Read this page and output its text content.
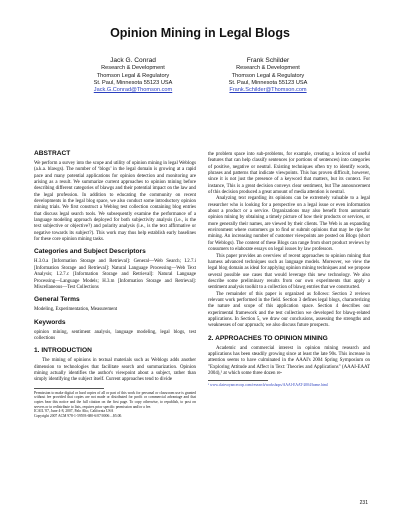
Opinion Mining in Legal Blogs
Jack G. Conrad
Research & Development
Thomson Legal & Regulatory
St. Paul, Minnesota 55123 USA
Jack.G.Conrad@Thomson.com
Frank Schilder
Research & Development
Thomson Legal & Regulatory
St. Paul, Minnesota 55123 USA
Frank.Schilder@Thomson.com
ABSTRACT

We perform a survey into the scope and utility of opinion mining in legal Weblogs (a.k.a. blawgs). The number of ‘blogs’ in the legal domain is growing at a rapid pace and many potential applications for opinion detection and monitoring are arising as a result. We summarize current approaches to opinion mining before describing different categories of blawgs and their potential impact on the law and the legal profession. In addition to educating the community on recent developments in the legal blog space, we also conduct some introductory opinion mining trials. We first construct a Weblog test collection containing blog entries that discuss legal search tools. We subsequently examine the performance of a language modeling approach deployed for both subjectivity analysis (i.e., is the text subjective or objective?) and polarity analysis (i.e., is the text affirmative or negative towards its subject?). This work may thus help establish early baselines for these core opinion mining tasks.

Categories and Subject Descriptors

H.3.0.a [Information Storage and Retrieval]: General—Web Search; I.2.7.i [Information Storage and Retrieval]: Natural Language Processing—Web Text Analysis; I.2.7.c [Information Storage and Retrieval]: Natural Language Processing—Language Models; H.3.m [Information Storage and Retrieval]: Miscellaneous—Test Collections

General Terms

Modeling, Experimentation, Measurement

Keywords

opinion mining, sentiment analysis, language modeling, legal blogs, test collections

1. INTRODUCTION

The mining of opinions in textual materials such as Weblogs adds another dimension to technologies that facilitate search and summarization. Opinion mining actually identifies the author's viewpoint about a subject, rather than simply identifying the subject itself. Current approaches tend to divide

Permission to make digital or hard copies of all or part of this work for personal or classroom use is granted without fee provided that copies are not made or distributed for profit or commercial advantage and that copies bear this notice and the full citation on the first page. To copy otherwise, to republish, to post on servers or to redistribute to lists, requires prior specific permission and/or a fee.
ICAIL '07, June 4-8, 2007, Palo Alto, California USA
Copyright 2007 ACM 978-1-59593-680-6/07/0006 ...$5.00.

the problem space into sub-problems, for example, creating a lexicon of useful features that can help classify sentences (or portions of sentences) into categories of positive, negative or neutral. Existing techniques often try to identify words, phrases and patterns that indicate viewpoints. This has proven difficult, however, since it is not just the presence of a keyword that matters, but its context. For instance, This is a great decision conveys clear sentiment, but The announcement of this decision produced a great amount of media attention is neutral.

Analyzing text regarding its opinions can be extremely valuable to a legal researcher who is looking for a perspective on a legal issue or even information about a product or a service. Organizations may also benefit from automatic opinion mining by obtaining a timely picture of how their products or services, or more generally their names, are viewed by their clients. The Web is an expanding environment where customers go to find or submit opinions that may be ripe for mining. An increasing number of customer viewpoints are posted on Blogs (short for Weblogs). The content of these Blogs can range from short product reviews by consumers to elaborate essays on legal issues by law professors.

This paper provides an overview of recent approaches to opinion mining that harness advanced techniques such as language models. Moreover, we view the legal blog domain as ideal for applying opinion mining techniques and we propose several possible use cases that would leverage this new technology. We also describe some preliminary results from our own experiments that apply a sentiment analysis toolkit to a collection of blawg entries that we constructed.

The remainder of this paper is organized as follows: Section 2 reviews relevant work performed in the field. Section 3 defines legal blogs, characterizing the nature and scope of this application space. Section 4 describes our experimental framework and the test collection we developed for blawg-related applications. In Section 5, we draw our conclusions, assessing the strengths and weaknesses of our approach; we also discuss future prospects.

2. APPROACHES TO OPINION MINING

Academic and commercial interest in opinion mining research and applications has been steadily growing since at least the late 90s. This increase in attention seems to have culminated in the AAAI's 2004 Spring Symposium on "Exploring Attitude and Affect in Text: Theories and Applications" (AAAI-EAAT 2004),¹ at which some three dozen re-

¹ www.clairvoyancecorp.com/research/workshops/AAAI-EAAT-2004/home.html
231
